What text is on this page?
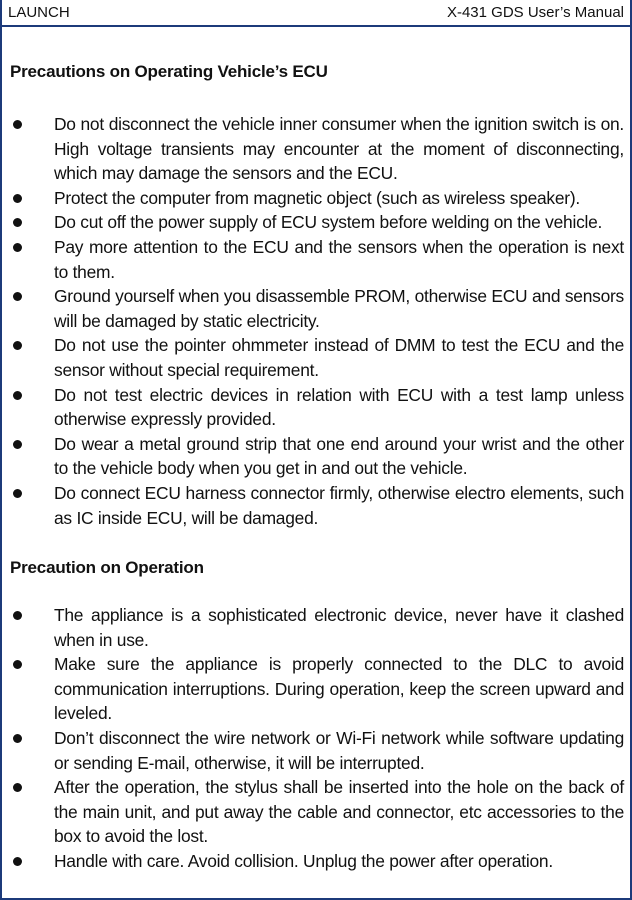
LAUNCH	X-431 GDS User’s Manual
Precautions on Operating Vehicle’s ECU
Do not disconnect the vehicle inner consumer when the ignition switch is on. High voltage transients may encounter at the moment of disconnecting, which may damage the sensors and the ECU.
Protect the computer from magnetic object (such as wireless speaker).
Do cut off the power supply of ECU system before welding on the vehicle.
Pay more attention to the ECU and the sensors when the operation is next to them.
Ground yourself when you disassemble PROM, otherwise ECU and sensors will be damaged by static electricity.
Do not use the pointer ohmmeter instead of DMM to test the ECU and the sensor without special requirement.
Do not test electric devices in relation with ECU with a test lamp unless otherwise expressly provided.
Do wear a metal ground strip that one end around your wrist and the other to the vehicle body when you get in and out the vehicle.
Do connect ECU harness connector firmly, otherwise electro elements, such as IC inside ECU, will be damaged.
Precaution on Operation
The appliance is a sophisticated electronic device, never have it clashed when in use.
Make sure the appliance is properly connected to the DLC to avoid communication interruptions. During operation, keep the screen upward and leveled.
Don’t disconnect the wire network or Wi-Fi network while software updating or sending E-mail, otherwise, it will be interrupted.
After the operation, the stylus shall be inserted into the hole on the back of the main unit, and put away the cable and connector, etc accessories to the box to avoid the lost.
Handle with care. Avoid collision. Unplug the power after operation.
